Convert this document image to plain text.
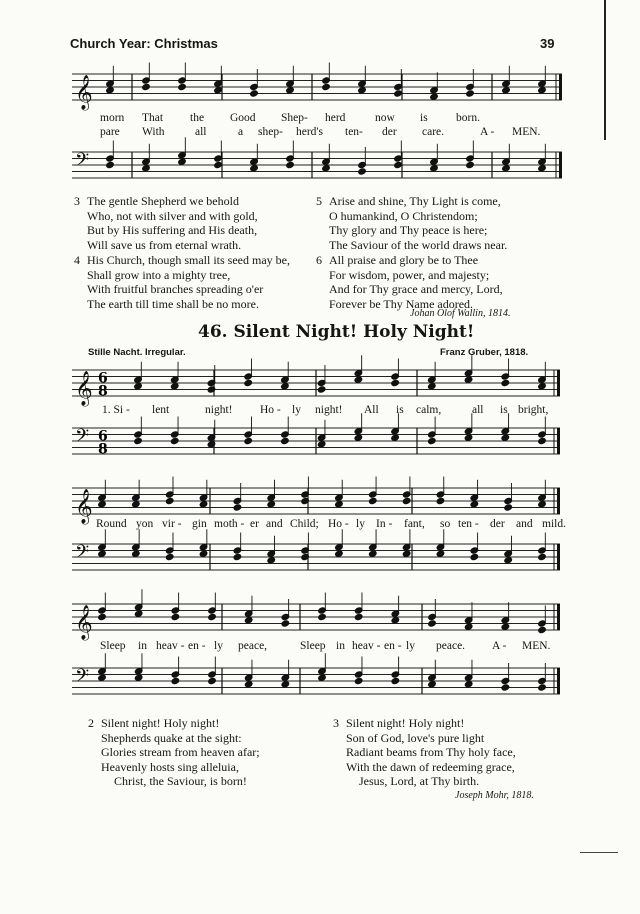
Church Year: Christmas	39
𝄞
morn That the Good Shep- herd	now is born.
pare With	all	a shep- herd's ten- der care.	A - MEN.
𝄢
3 The gentle Shepherd we behold
Who, not with silver and with gold,
But by His suffering and His death,
Will save us from eternal wrath.
4 His Church, though small its seed may be,
Shall grow into a mighty tree,
With fruitful branches spreading o'er
The earth till time shall be no more.
5 Arise and shine, Thy Light is come,
O humankind, O Christendom;
Thy glory and Thy peace is here;
The Saviour of the world draws near.
6 All praise and glory be to Thee
For wisdom, power, and majesty;
And for Thy grace and mercy, Lord,
Forever be Thy Name adored.
Johan Olof Wallin, 1814.
46. Silent Night! Holy Night!
Stille Nacht. Irregular.	Franz Gruber, 1818.
𝄞 6
8
1. Si - lent	night! Ho - ly night! All is calm,	all is bright,
𝄢 6
8
𝄞
Round yon vir - gin moth - er and Child; Ho - ly In - fant, so ten - der and mild.
𝄢
𝄞
Sleep in heav - en - ly peace,	Sleep in heav - en - ly peace. A - MEN.
𝄢
2 Silent night! Holy night!
Shepherds quake at the sight:
Glories stream from heaven afar;
Heavenly hosts sing alleluia,
Christ, the Saviour, is born!
3 Silent night! Holy night!
Son of God, love's pure light
Radiant beams from Thy holy face,
With the dawn of redeeming grace,
Jesus, Lord, at Thy birth.
Joseph Mohr, 1818.
